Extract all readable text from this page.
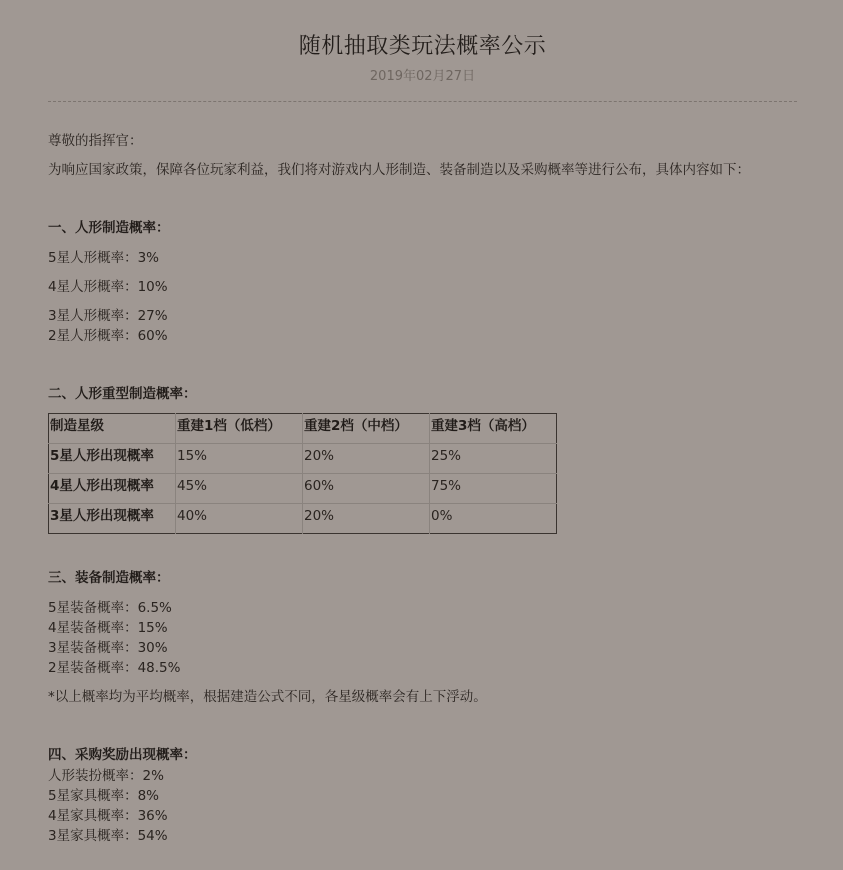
随机抽取类玩法概率公示
2019年02月27日
尊敬的指挥官：
为响应国家政策，保障各位玩家利益，我们将对游戏内人形制造、装备制造以及采购概率等进行公布，具体内容如下：
一、人形制造概率：
5星人形概率：3%
4星人形概率：10%
3星人形概率：27%
2星人形概率：60%
二、人形重型制造概率：
制造星级	重建1档（低档）	重建2档（中档）	重建3档（高档）
5星人形出现概率	15%	20%	25%
4星人形出现概率	45%	60%	75%
3星人形出现概率	40%	20%	0%
三、装备制造概率：
5星装备概率：6.5%
4星装备概率：15%
3星装备概率：30%
2星装备概率：48.5%
*以上概率均为平均概率，根据建造公式不同，各星级概率会有上下浮动。
四、采购奖励出现概率：
人形装扮概率：2%
5星家具概率：8%
4星家具概率：36%
3星家具概率：54%
